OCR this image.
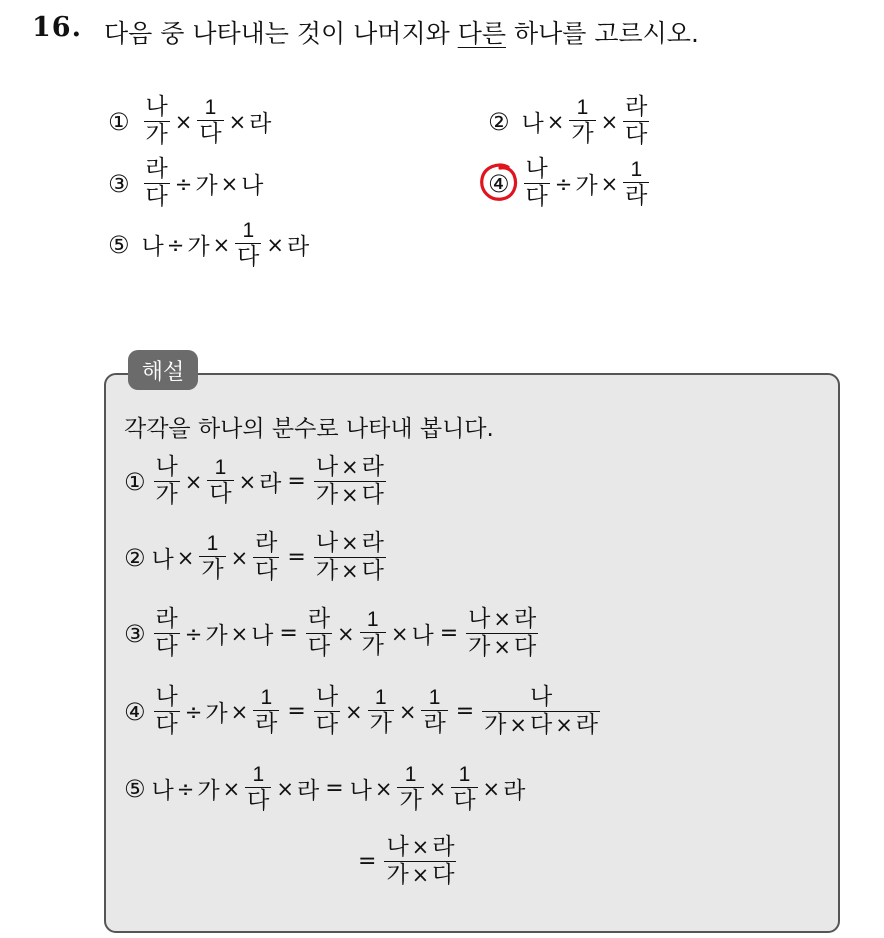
16. 다음 중 나타내는 것이 나머지와 다른 하나를 고르시오.
① $\frac{\text{나}}{\text{가}} \times \frac{1}{\text{다}}$ × 라	② 나 × $\frac{1}{\text{가}} \times \frac{\text{라}}{\text{다}}$
③ $\frac{\text{라}}{\text{다}}$ ÷ 가 × 나	④ $\frac{\text{나}}{\text{다}}$ ÷ 가 × $\frac{1}{\text{라}}$
⑤ 나 ÷ 가 × $\frac{1}{\text{다}}$ × 라
해설
각각을 하나의 분수로 나타내 봅니다.
① $\frac{\text{나}}{\text{가}} \times \frac{1}{\text{다}}$ × 라 = $\frac{\text{나 × 라}}{\text{가 × 다}}$
② 나 × $\frac{1}{\text{가}} \times \frac{\text{라}}{\text{다}} = \frac{\text{나 × 라}}{\text{가 × 다}}$
③ $\frac{\text{라}}{\text{다}}$ ÷ 가 × 나 = $\frac{\text{라}}{\text{다}} \times \frac{1}{\text{가}}$ × 나 = $\frac{\text{나 × 라}}{\text{가 × 다}}$
④ $\frac{\text{나}}{\text{다}}$ ÷ 가 × $\frac{1}{\text{라}} = \frac{\text{나}}{\text{다}} \times \frac{1}{\text{가}} \times \frac{1}{\text{라}} = \frac{\text{나}}{\text{가 × 다 × 라}}$
⑤ 나 ÷ 가 × $\frac{1}{\text{다}}$ × 라 = 나 × $\frac{1}{\text{가}} \times \frac{1}{\text{다}}$ × 라
= $\frac{\text{나 × 라}}{\text{가 × 다}}$
